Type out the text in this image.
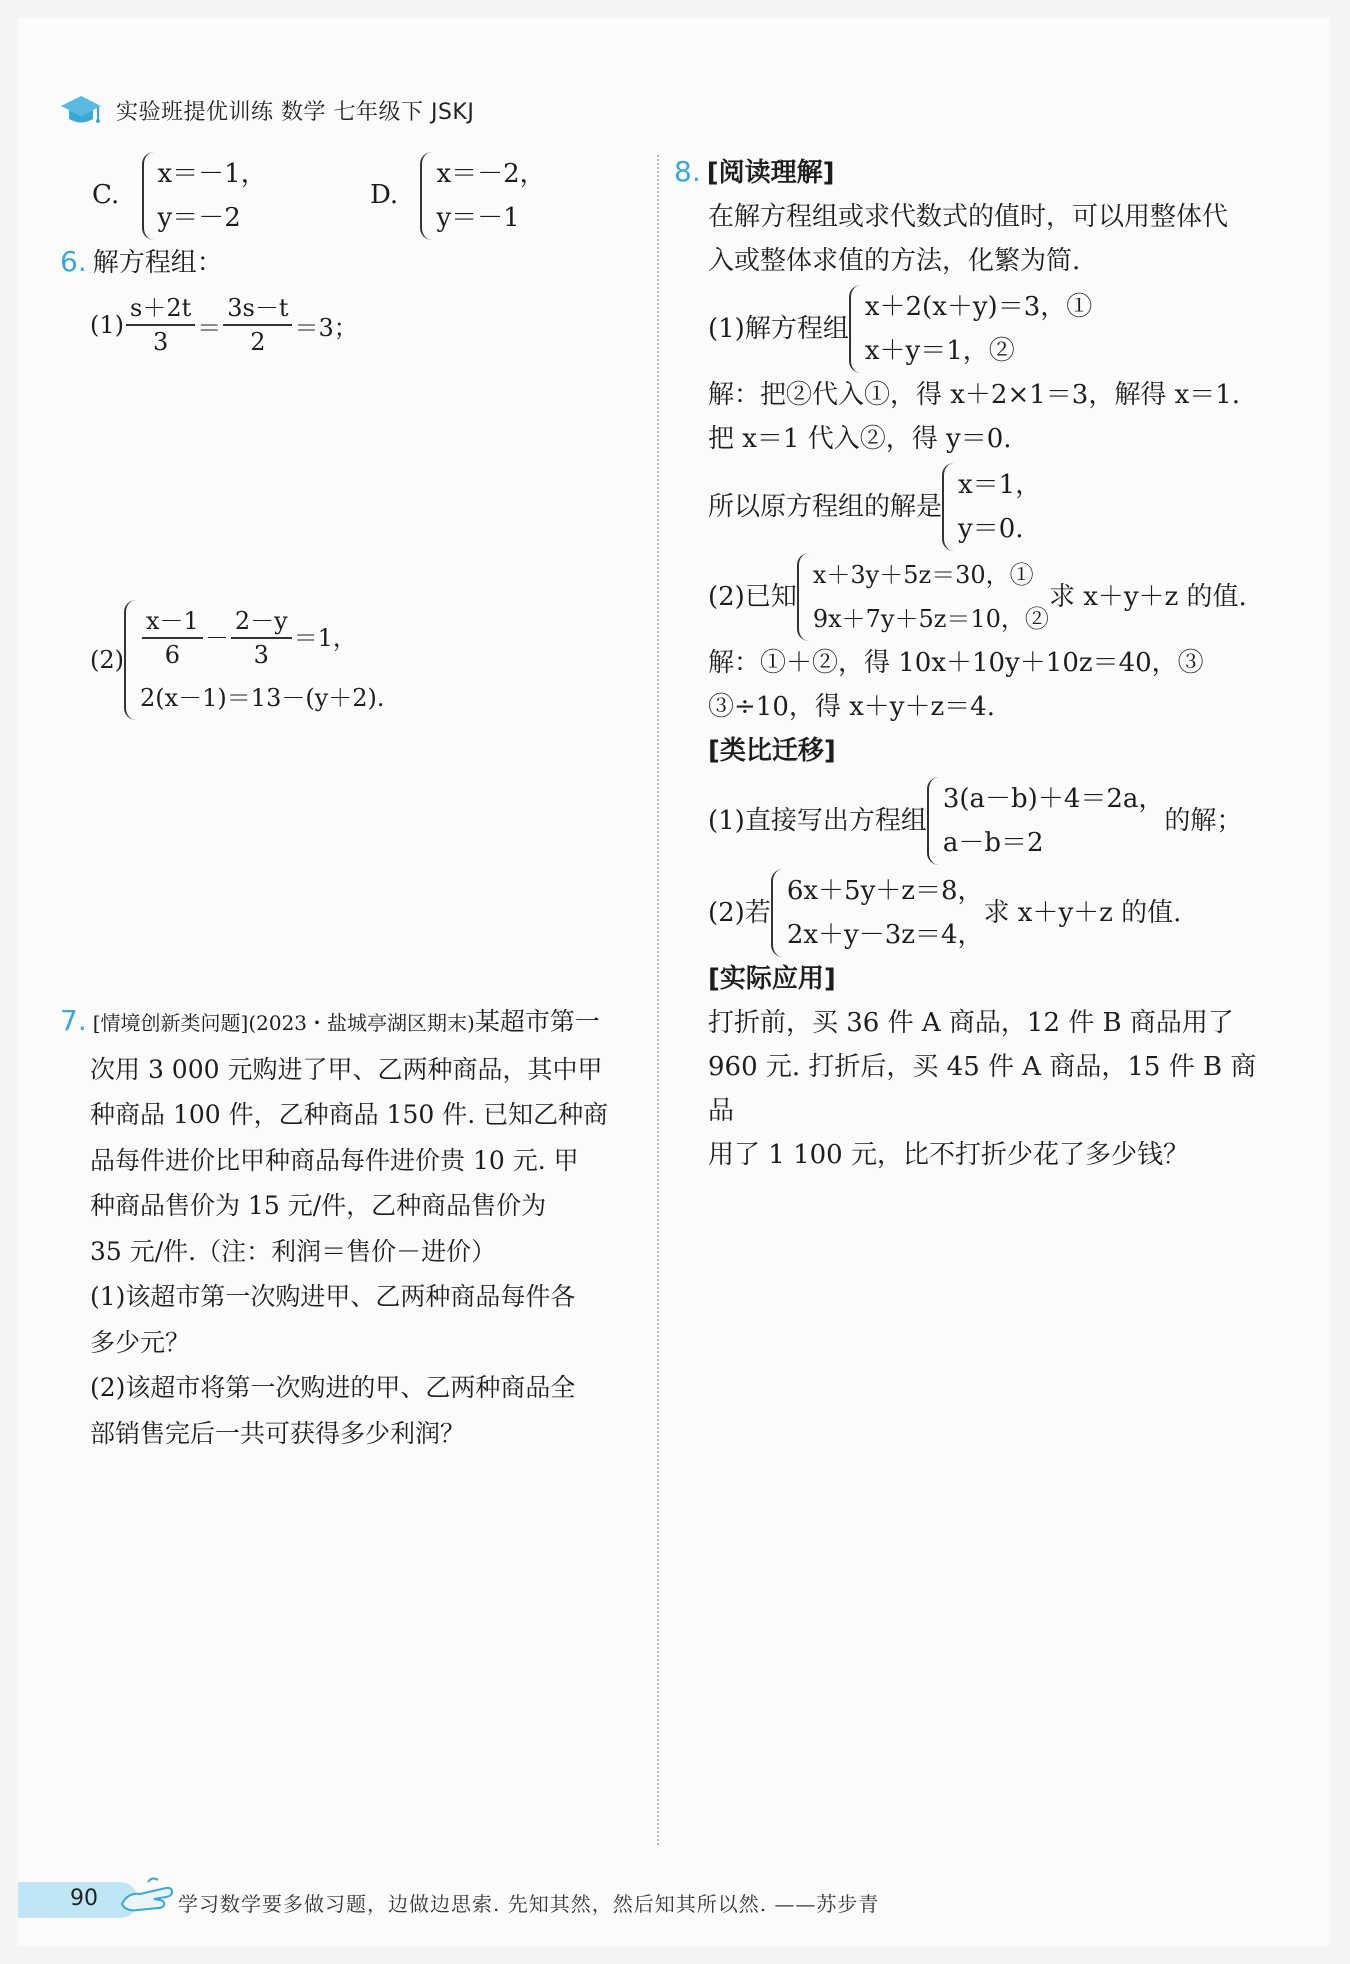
实验班提优训练 数学 七年级下 JSKJ
C.
x＝－1，
y＝－2
D.
x＝－2，
y＝－1
6. 解方程组：
$(1) \frac{s+2t}{3} = \frac{3s-t}{2} =3$；
$(2) \frac{x-1}{6} - \frac{2-y}{3} =1$，
2(x－1)＝13－(y＋2).
7. [情境创新类问题](2023・盐城亭湖区期末)某超市第一
次用 3 000 元购进了甲、乙两种商品，其中甲
种商品 100 件，乙种商品 150 件. 已知乙种商
品每件进价比甲种商品每件进价贵 10 元. 甲
种商品售价为 15 元/件，乙种商品售价为
35 元/件.（注：利润＝售价－进价）
(1)该超市第一次购进甲、乙两种商品每件各
多少元？
(2)该超市将第一次购进的甲、乙两种商品全
部销售完后一共可获得多少利润？
8. [阅读理解]
在解方程组或求代数式的值时，可以用整体代
入或整体求值的方法，化繁为简.
(1)解方程组
x＋2(x＋y)＝3，①
x＋y＝1，②
解：把②代入①，得 x＋2×1＝3，解得 x＝1.
把 x＝1 代入②，得 y＝0.
所以原方程组的解是
x＝1，
y＝0.
(2)已知
x＋3y＋5z＝30，①
9x＋7y＋5z＝10，②
求 x＋y＋z 的值.
解：①＋②，得 10x＋10y＋10z＝40，③
③÷10，得 x＋y＋z＝4.
[类比迁移]
(1)直接写出方程组
3(a－b)＋4＝2a，
a－b＝2
的解；
(2)若
6x＋5y＋z＝8，
2x＋y－3z＝4，
求 x＋y＋z 的值.
[实际应用]
打折前，买 36 件 A 商品，12 件 B 商品用了
960 元. 打折后，买 45 件 A 商品，15 件 B 商品
用了 1 100 元，比不打折少花了多少钱？
90	学习数学要多做习题，边做边思索. 先知其然，然后知其所以然. ——苏步青
